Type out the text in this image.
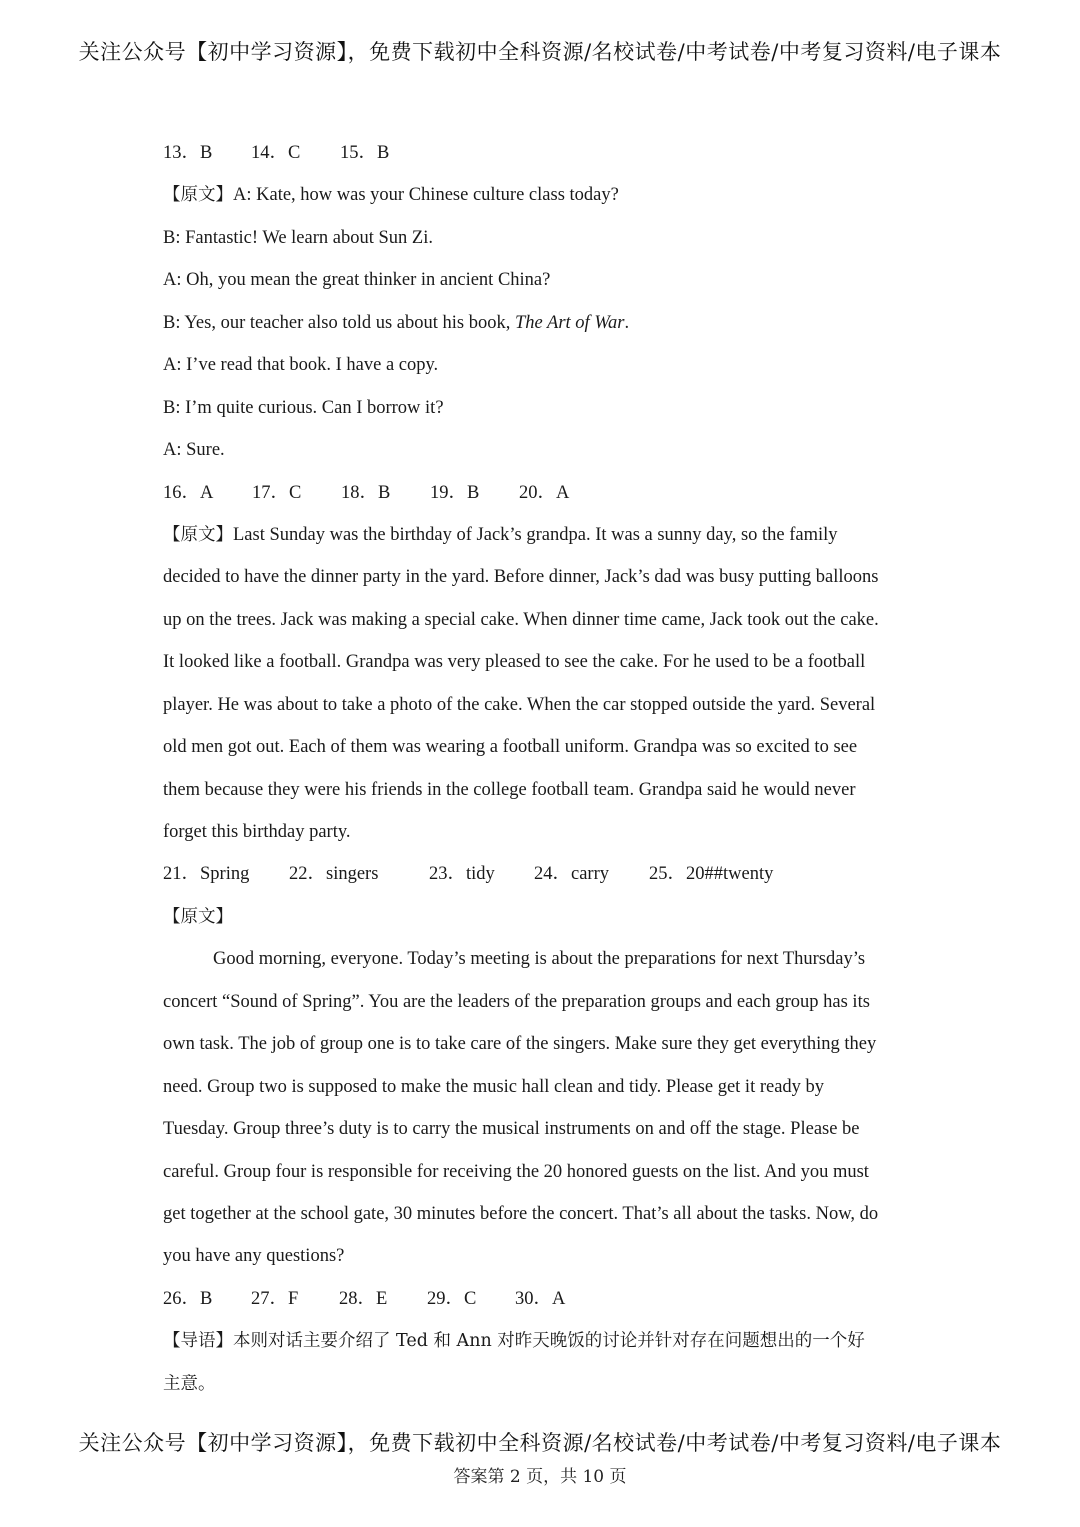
关注公众号【初中学习资源】，免费下载初中全科资源/名校试卷/中考试卷/中考复习资料/电子课本
13．B 14．C 15．B
【原文】A: Kate, how was your Chinese culture class today?
B: Fantastic! We learn about Sun Zi.
A: Oh, you mean the great thinker in ancient China?
B: Yes, our teacher also told us about his book, The Art of War.
A: I’ve read that book. I have a copy.
B: I’m quite curious. Can I borrow it?
A: Sure.
16．A 17．C 18．B 19．B 20．A
【原文】Last Sunday was the birthday of Jack’s grandpa. It was a sunny day, so the family
decided to have the dinner party in the yard. Before dinner, Jack’s dad was busy putting balloons
up on the trees. Jack was making a special cake. When dinner time came, Jack took out the cake.
It looked like a football. Grandpa was very pleased to see the cake. For he used to be a football
player. He was about to take a photo of the cake. When the car stopped outside the yard. Several
old men got out. Each of them was wearing a football uniform. Grandpa was so excited to see
them because they were his friends in the college football team. Grandpa said he would never
forget this birthday party.
21．Spring 22．singers	23．tidy 24．carry 25．20##twenty
【原文】
Good morning, everyone. Today’s meeting is about the preparations for next Thursday’s
concert “Sound of Spring”. You are the leaders of the preparation groups and each group has its
own task. The job of group one is to take care of the singers. Make sure they get everything they
need. Group two is supposed to make the music hall clean and tidy. Please get it ready by
Tuesday. Group three’s duty is to carry the musical instruments on and off the stage. Please be
careful. Group four is responsible for receiving the 20 honored guests on the list. And you must
get together at the school gate, 30 minutes before the concert. That’s all about the tasks. Now, do
you have any questions?
26．B 27．F 28．E 29．C 30．A
【导语】本则对话主要介绍了 Ted 和 Ann 对昨天晚饭的讨论并针对存在问题想出的一个好
主意。
关注公众号【初中学习资源】，免费下载初中全科资源/名校试卷/中考试卷/中考复习资料/电子课本
答案第 2 页，共 10 页
